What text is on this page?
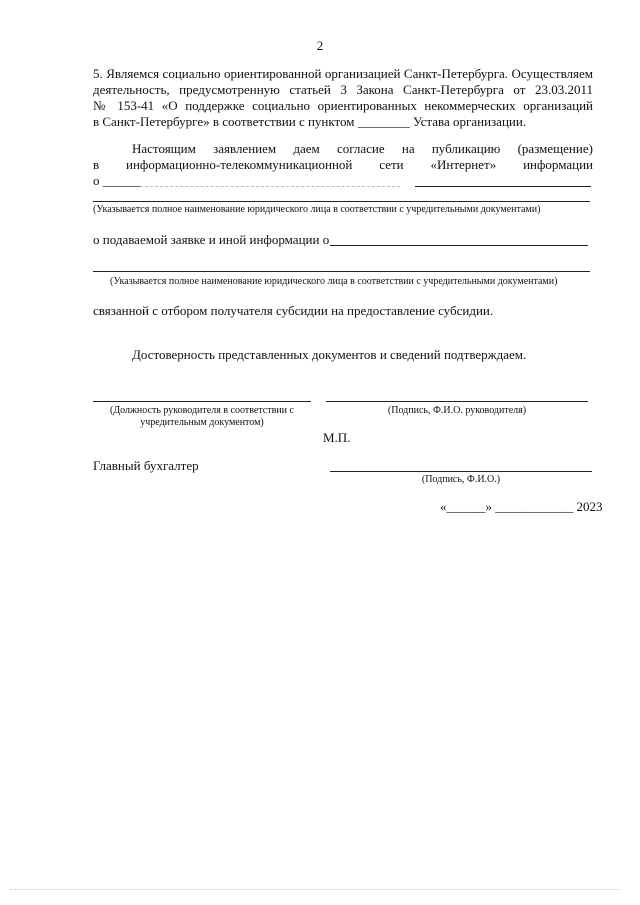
2
5. Являемся социально ориентированной организацией Санкт-Петербурга. Осуществляем
деятельность, предусмотренную статьей 3 Закона Санкт-Петербурга от 23.03.2011
№ 153-41 «О поддержке социально ориентированных некоммерческих организаций
в Санкт-Петербурге» в соответствии с пунктом ________ Устава организации.
Настоящим заявлением даем согласие на публикацию (размещение)
в информационно-телекоммуникационной сети «Интернет» информации
о ______
(Указывается полное наименование юридического лица в соответствии с учредительными документами)
о подаваемой заявке и иной информации о
(Указывается полное наименование юридического лица в соответствии с учредительными документами)
связанной с отбором получателя субсидии на предоставление субсидии.
Достоверность представленных документов и сведений подтверждаем.
(Должность руководителя в соответствии с
учредительным документом)
(Подпись, Ф.И.О. руководителя)
М.П.
Главный бухгалтер
(Подпись, Ф.И.О.)
«______» ____________ 2023
